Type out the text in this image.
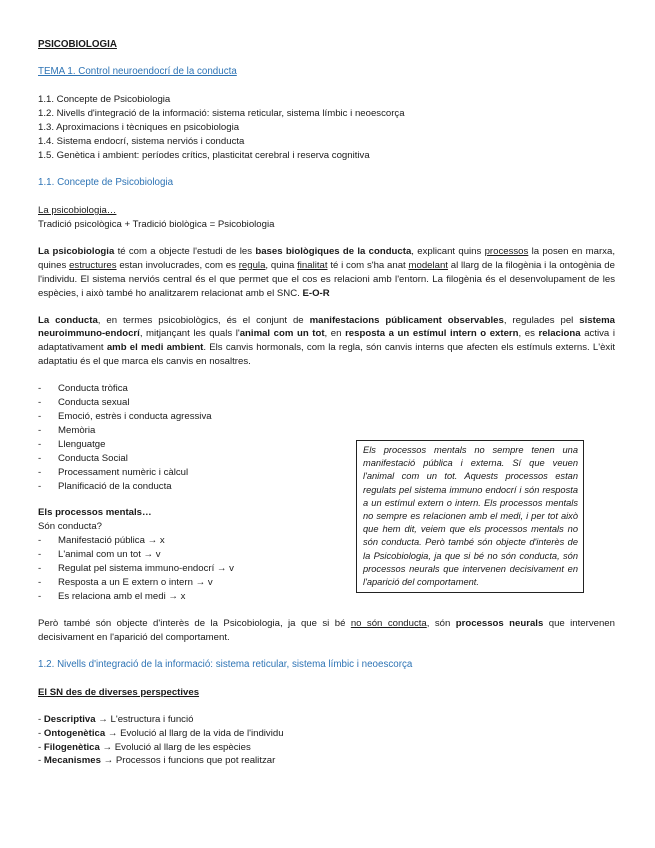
PSICOBIOLOGIA
TEMA 1. Control neuroendocrí de la conducta
1.1. Concepte de Psicobiologia
1.2. Nivells d'integració de la informació: sistema reticular, sistema límbic i neoescorça
1.3. Aproximacions i tècniques en psicobiologia
1.4. Sistema endocrí, sistema nerviós i conducta
1.5. Genètica i ambient: períodes crítics, plasticitat cerebral i reserva cognitiva
1.1. Concepte de Psicobiologia
La psicobiologia…

Tradició psicològica + Tradició biològica = Psicobiologia

La psicobiologia té com a objecte l'estudi de les bases biològiques de la conducta, explicant quins processos la posen en marxa, quines estructures estan involucrades, com es regula, quina finalitat té i com s'ha anat modelant al llarg de la filogènia i la ontogènia de l'individu. El sistema nerviós central és el que permet que el cos es relacioni amb l'entorn. La filogènia és el desenvolupament de les espècies, i això també ho analitzarem relacionat amb el SNC. E-O-R

La conducta, en termes psicobiològics, és el conjunt de manifestacions públicament observables, regulades pel sistema neuroimmuno-endocrí, mitjançant les quals l'animal com un tot, en resposta a un estímul intern o extern, es relaciona activa i adaptativament amb el medi ambient. Els canvis hormonals, com la regla, són canvis interns que afecten els estímuls externs. L'èxit adaptatiu és el que marca els canvis en nosaltres.

-	Conducta tròfica
-	Conducta sexual
-	Emoció, estrès i conducta agressiva
-	Memòria
-	Llenguatge
-	Conducta Social
-	Processament numèric i càlcul
-	Planificació de la conducta
Els processos mentals…
Són conducta?
-	Manifestació pública → x
-	L'animal com un tot → v
-	Regulat pel sistema immuno-endocrí → v
-	Resposta a un E extern o intern → v
-	Es relaciona amb el medi → x

Però també són objecte d'interès de la Psicobiologia, ja que si bé no són conducta, són processos neurals que intervenen decisivament en l'aparició del comportament.

1.2. Nivells d'integració de la informació: sistema reticular, sistema límbic i neoescorça
El SN des de diverses perspectives
- Descriptiva → L'estructura i funció
- Ontogenètica → Evolució al llarg de la vida de l'individu
- Filogenètica → Evolució al llarg de les espècies
- Mecanismes → Processos i funcions que pot realitzar
Els processos mentals no sempre tenen una manifestació pública i externa. Sí que veuen l'animal com un tot. Aquests processos estan regulats pel sistema immuno endocrí i són resposta a un estímul extern o intern. Els processos mentals no sempre es relacionen amb el medi, i per tot això que hem dit, veiem que els processos mentals no són conducta. Però també són objecte d'interès de la Psicobiologia, ja que si bé no són conducta, són processos neurals que intervenen decisivament en l'aparició del comportament.
